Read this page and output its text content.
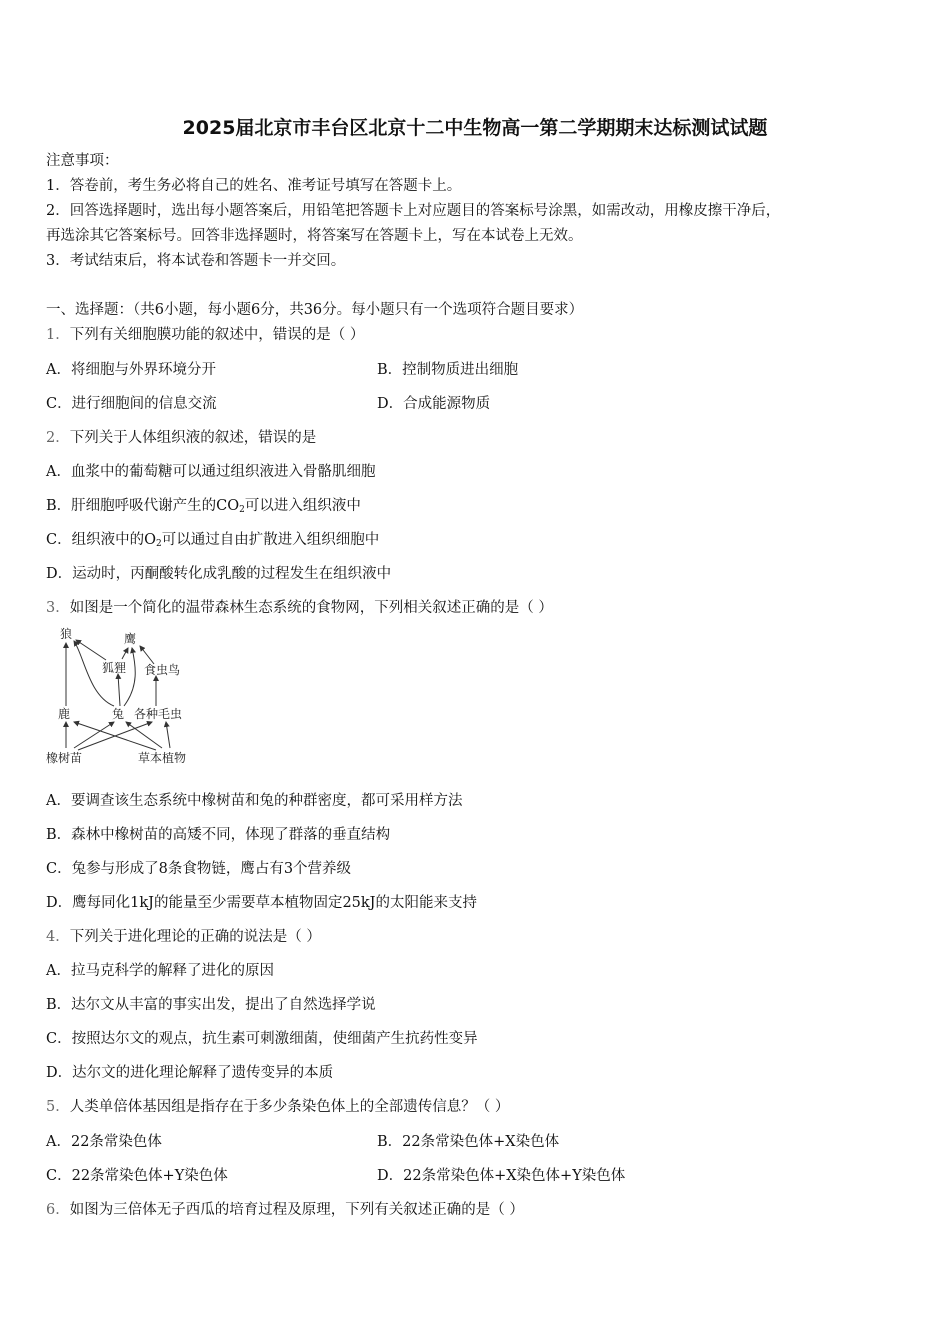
2025届北京市丰台区北京十二中生物高一第二学期期末达标测试试题
注意事项：
1．答卷前，考生务必将自己的姓名、准考证号填写在答题卡上。
2．回答选择题时，选出每小题答案后，用铅笔把答题卡上对应题目的答案标号涂黑，如需改动，用橡皮擦干净后，
再选涂其它答案标号。回答非选择题时，将答案写在答题卡上，写在本试卷上无效。
3．考试结束后，将本试卷和答题卡一并交回。
一、选择题：（共6小题，每小题6分，共36分。每小题只有一个选项符合题目要求）
1．下列有关细胞膜功能的叙述中，错误的是（ ）
A．将细胞与外界环境分开	B．控制物质进出细胞
C．进行细胞间的信息交流	D．合成能源物质
2．下列关于人体组织液的叙述，错误的是
A．血浆中的葡萄糖可以通过组织液进入骨骼肌细胞
B．肝细胞呼吸代谢产生的$CO_2$可以进入组织液中
C．组织液中的$O_2$可以通过自由扩散进入组织细胞中
D．运动时，丙酮酸转化成乳酸的过程发生在组织液中
3．如图是一个简化的温带森林生态系统的食物网，下列相关叙述正确的是（ ）
狼	鹰
狐狸 食虫鸟
鹿	兔 各种毛虫
橡树苗	草本植物
A．要调查该生态系统中橡树苗和兔的种群密度，都可采用样方法
B．森林中橡树苗的高矮不同，体现了群落的垂直结构
C．兔参与形成了8条食物链，鹰占有3个营养级
D．鹰每同化1kJ的能量至少需要草本植物固定25kJ的太阳能来支持
4．下列关于进化理论的正确的说法是（ ）
A．拉马克科学的解释了进化的原因
B．达尔文从丰富的事实出发，提出了自然选择学说
C．按照达尔文的观点，抗生素可刺激细菌，使细菌产生抗药性变异
D．达尔文的进化理论解释了遗传变异的本质
5．人类单倍体基因组是指存在于多少条染色体上的全部遗传信息？（ ）
A．22条常染色体	B．22条常染色体+X染色体
C．22条常染色体+Y染色体	D．22条常染色体+X染色体+Y染色体
6．如图为三倍体无子西瓜的培育过程及原理，下列有关叙述正确的是（ ）
